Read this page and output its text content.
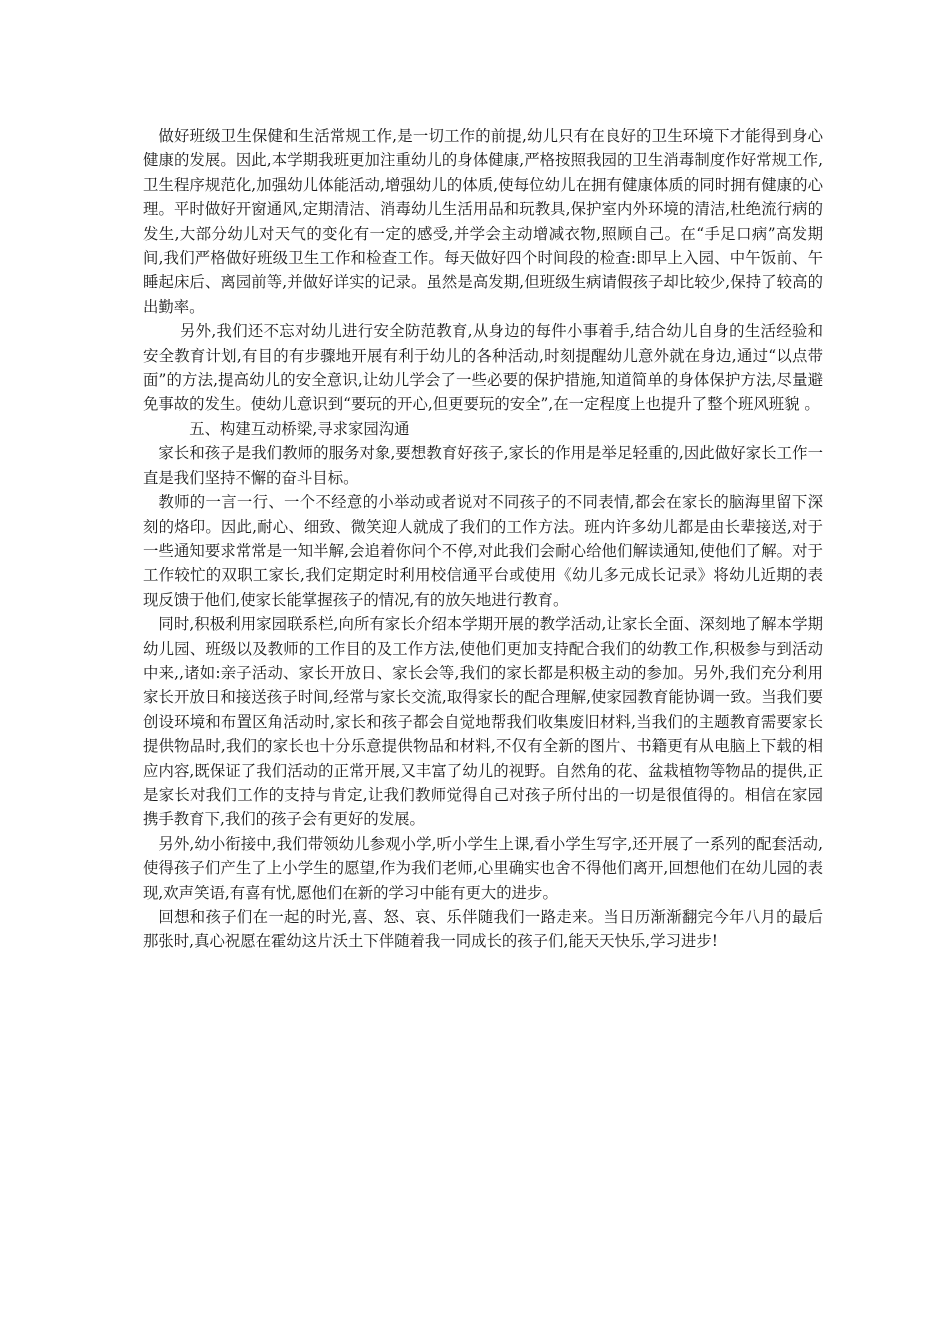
做好班级卫生保健和生活常规工作,是一切工作的前提,幼儿只有在良好的卫生环境下才能得到身心健康的发展。因此,本学期我班更加注重幼儿的身体健康,严格按照我园的卫生消毒制度作好常规工作,卫生程序规范化,加强幼儿体能活动,增强幼儿的体质,使每位幼儿在拥有健康体质的同时拥有健康的心理。平时做好开窗通风,定期清洁、消毒幼儿生活用品和玩教具,保护室内外环境的清洁,杜绝流行病的发生,大部分幼儿对天气的变化有一定的感受,并学会主动增减衣物,照顾自己。在“手足口病”高发期间,我们严格做好班级卫生工作和检查工作。每天做好四个时间段的检查:即早上入园、中午饭前、午睡起床后、离园前等,并做好详实的记录。虽然是高发期,但班级生病请假孩子却比较少,保持了较高的出勤率。

另外,我们还不忘对幼儿进行安全防范教育,从身边的每件小事着手,结合幼儿自身的生活经验和安全教育计划,有目的有步骤地开展有利于幼儿的各种活动,时刻提醒幼儿意外就在身边,通过“以点带面”的方法,提高幼儿的安全意识,让幼儿学会了一些必要的保护措施,知道简单的身体保护方法,尽量避免事故的发生。使幼儿意识到“要玩的开心,但更要玩的安全”,在一定程度上也提升了整个班风班貌 。

五、构建互动桥梁,寻求家园沟通

家长和孩子是我们教师的服务对象,要想教育好孩子,家长的作用是举足轻重的,因此做好家长工作一直是我们坚持不懈的奋斗目标。

教师的一言一行、一个不经意的小举动或者说对不同孩子的不同表情,都会在家长的脑海里留下深刻的烙印。因此,耐心、细致、微笑迎人就成了我们的工作方法。班内许多幼儿都是由长辈接送,对于一些通知要求常常是一知半解,会追着你问个不停,对此我们会耐心给他们解读通知,使他们了解。对于工作较忙的双职工家长,我们定期定时利用校信通平台或使用《幼儿多元成长记录》将幼儿近期的表现反馈于他们,使家长能掌握孩子的情况,有的放矢地进行教育。

同时,积极利用家园联系栏,向所有家长介绍本学期开展的教学活动,让家长全面、深刻地了解本学期幼儿园、班级以及教师的工作目的及工作方法,使他们更加支持配合我们的幼教工作,积极参与到活动中来,,诸如:亲子活动、家长开放日、家长会等,我们的家长都是积极主动的参加。另外,我们充分利用家长开放日和接送孩子时间,经常与家长交流,取得家长的配合理解,使家园教育能协调一致。当我们要创设环境和布置区角活动时,家长和孩子都会自觉地帮我们收集废旧材料,当我们的主题教育需要家长提供物品时,我们的家长也十分乐意提供物品和材料,不仅有全新的图片、书籍更有从电脑上下载的相应内容,既保证了我们活动的正常开展,又丰富了幼儿的视野。自然角的花、盆栽植物等物品的提供,正是家长对我们工作的支持与肯定,让我们教师觉得自己对孩子所付出的一切是很值得的。相信在家园携手教育下,我们的孩子会有更好的发展。

另外,幼小衔接中,我们带领幼儿参观小学,听小学生上课,看小学生写字,还开展了一系列的配套活动,使得孩子们产生了上小学生的愿望,作为我们老师,心里确实也舍不得他们离开,回想他们在幼儿园的表现,欢声笑语,有喜有忧,愿他们在新的学习中能有更大的进步。

回想和孩子们在一起的时光,喜、怒、哀、乐伴随我们一路走来。当日历渐渐翻完今年八月的最后那张时,真心祝愿在霍幼这片沃土下伴随着我一同成长的孩子们,能天天快乐,学习进步!
